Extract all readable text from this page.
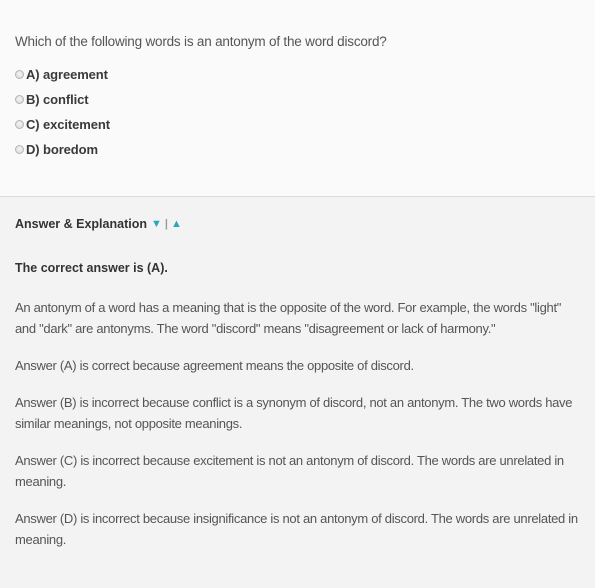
Which of the following words is an antonym of the word discord?

A) agreement
B) conflict
C) excitement
D) boredom
Answer & Explanation ▼ | ▲

The correct answer is (A).

An antonym of a word has a meaning that is the opposite of the word. For example, the words "light" and "dark" are antonyms. The word "discord" means "disagreement or lack of harmony."

Answer (A) is correct because agreement means the opposite of discord.

Answer (B) is incorrect because conflict is a synonym of discord, not an antonym. The two words have similar meanings, not opposite meanings.

Answer (C) is incorrect because excitement is not an antonym of discord. The words are unrelated in meaning.

Answer (D) is incorrect because insignificance is not an antonym of discord. The words are unrelated in meaning.
